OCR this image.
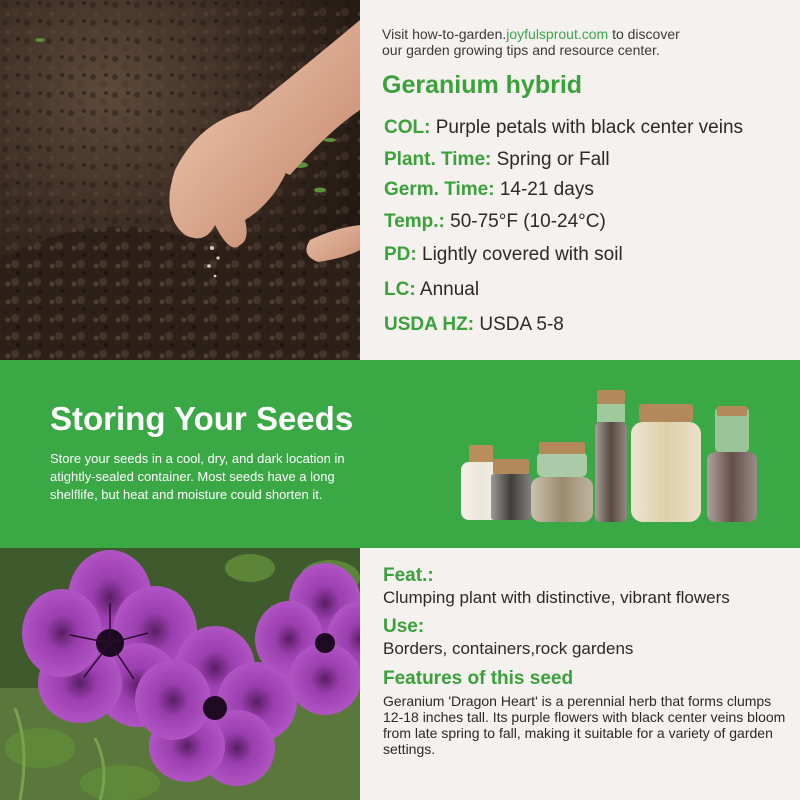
Visit how-to-garden.joyfulsprout.com to discover
our garden growing tips and resource center.
Geranium hybrid
COL: Purple petals with black center veins
Plant. Time: Spring or Fall
Germ. Time: 14-21 days
Temp.: 50-75°F (10-24°C)
PD: Lightly covered with soil
LC: Annual
USDA HZ: USDA 5-8
Storing Your Seeds
Store your seeds in a cool, dry, and dark location in atightly-sealed container. Most seeds have a long shelflife, but heat and moisture could shorten it.
Feat.:
Clumping plant with distinctive, vibrant flowers
Use:
Borders, containers,rock gardens
Features of this seed
Geranium 'Dragon Heart' is a perennial herb that forms clumps 12-18 inches tall. Its purple flowers with black center veins bloom from late spring to fall, making it suitable for a variety of garden settings.
